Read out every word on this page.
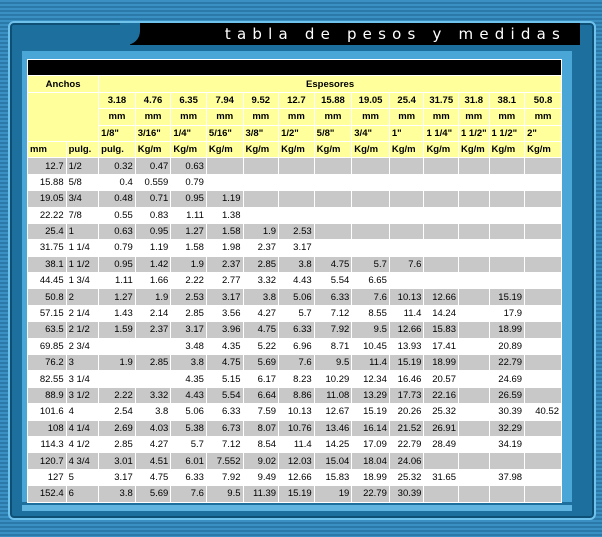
tabla de pesos y medidas
PLANCHUELAS														
Anchos		Espesores												
		3.18	4.76	6.35	7.94	9.52	12.7	15.88	19.05	25.4	31.75	31.8	38.1	50.8
		mm	mm	mm	mm	mm	mm	mm	mm	mm	mm	mm	mm	mm
		1/8"	3/16"	1/4"	5/16"	3/8"	1/2"	5/8"	3/4"	1"	1 1/4"	1 1/2"	1 1/2"	2"
mm	pulg.	pulg.	Kg/m	Kg/m	Kg/m	Kg/m	Kg/m	Kg/m	Kg/m	Kg/m	Kg/m	Kg/m	Kg/m	Kg/m
12.7	1/2	0.32	0.47	0.63										
15.88	5/8	0.4	0.559	0.79										
19.05	3/4	0.48	0.71	0.95	1.19									
22.22	7/8	0.55	0.83	1.11	1.38									
25.4	1	0.63	0.95	1.27	1.58	1.9	2.53							
31.75	1 1/4	0.79	1.19	1.58	1.98	2.37	3.17							
38.1	1 1/2	0.95	1.42	1.9	2.37	2.85	3.8	4.75	5.7	7.6				
44.45	1 3/4	1.11	1.66	2.22	2.77	3.32	4.43	5.54	6.65					
50.8	2	1.27	1.9	2.53	3.17	3.8	5.06	6.33	7.6	10.13	12.66		15.19	
57.15	2 1/4	1.43	2.14	2.85	3.56	4.27	5.7	7.12	8.55	11.4	14.24		17.9	
63.5	2 1/2	1.59	2.37	3.17	3.96	4.75	6.33	7.92	9.5	12.66	15.83		18.99	
69.85	2 3/4			3.48	4.35	5.22	6.96	8.71	10.45	13.93	17.41		20.89	
76.2	3	1.9	2.85	3.8	4.75	5.69	7.6	9.5	11.4	15.19	18.99		22.79	
82.55	3 1/4			4.35	5.15	6.17	8.23	10.29	12.34	16.46	20.57		24.69	
88.9	3 1/2	2.22	3.32	4.43	5.54	6.64	8.86	11.08	13.29	17.73	22.16		26.59	
101.6	4	2.54	3.8	5.06	6.33	7.59	10.13	12.67	15.19	20.26	25.32		30.39	40.52
108	4 1/4	2.69	4.03	5.38	6.73	8.07	10.76	13.46	16.14	21.52	26.91		32.29	
114.3	4 1/2	2.85	4.27	5.7	7.12	8.54	11.4	14.25	17.09	22.79	28.49		34.19	
120.7	4 3/4	3.01	4.51	6.01	7.552	9.02	12.03	15.04	18.04	24.06				
127	5	3.17	4.75	6.33	7.92	9.49	12.66	15.83	18.99	25.32	31.65		37.98	
152.4	6	3.8	5.69	7.6	9.5	11.39	15.19	19	22.79	30.39				
